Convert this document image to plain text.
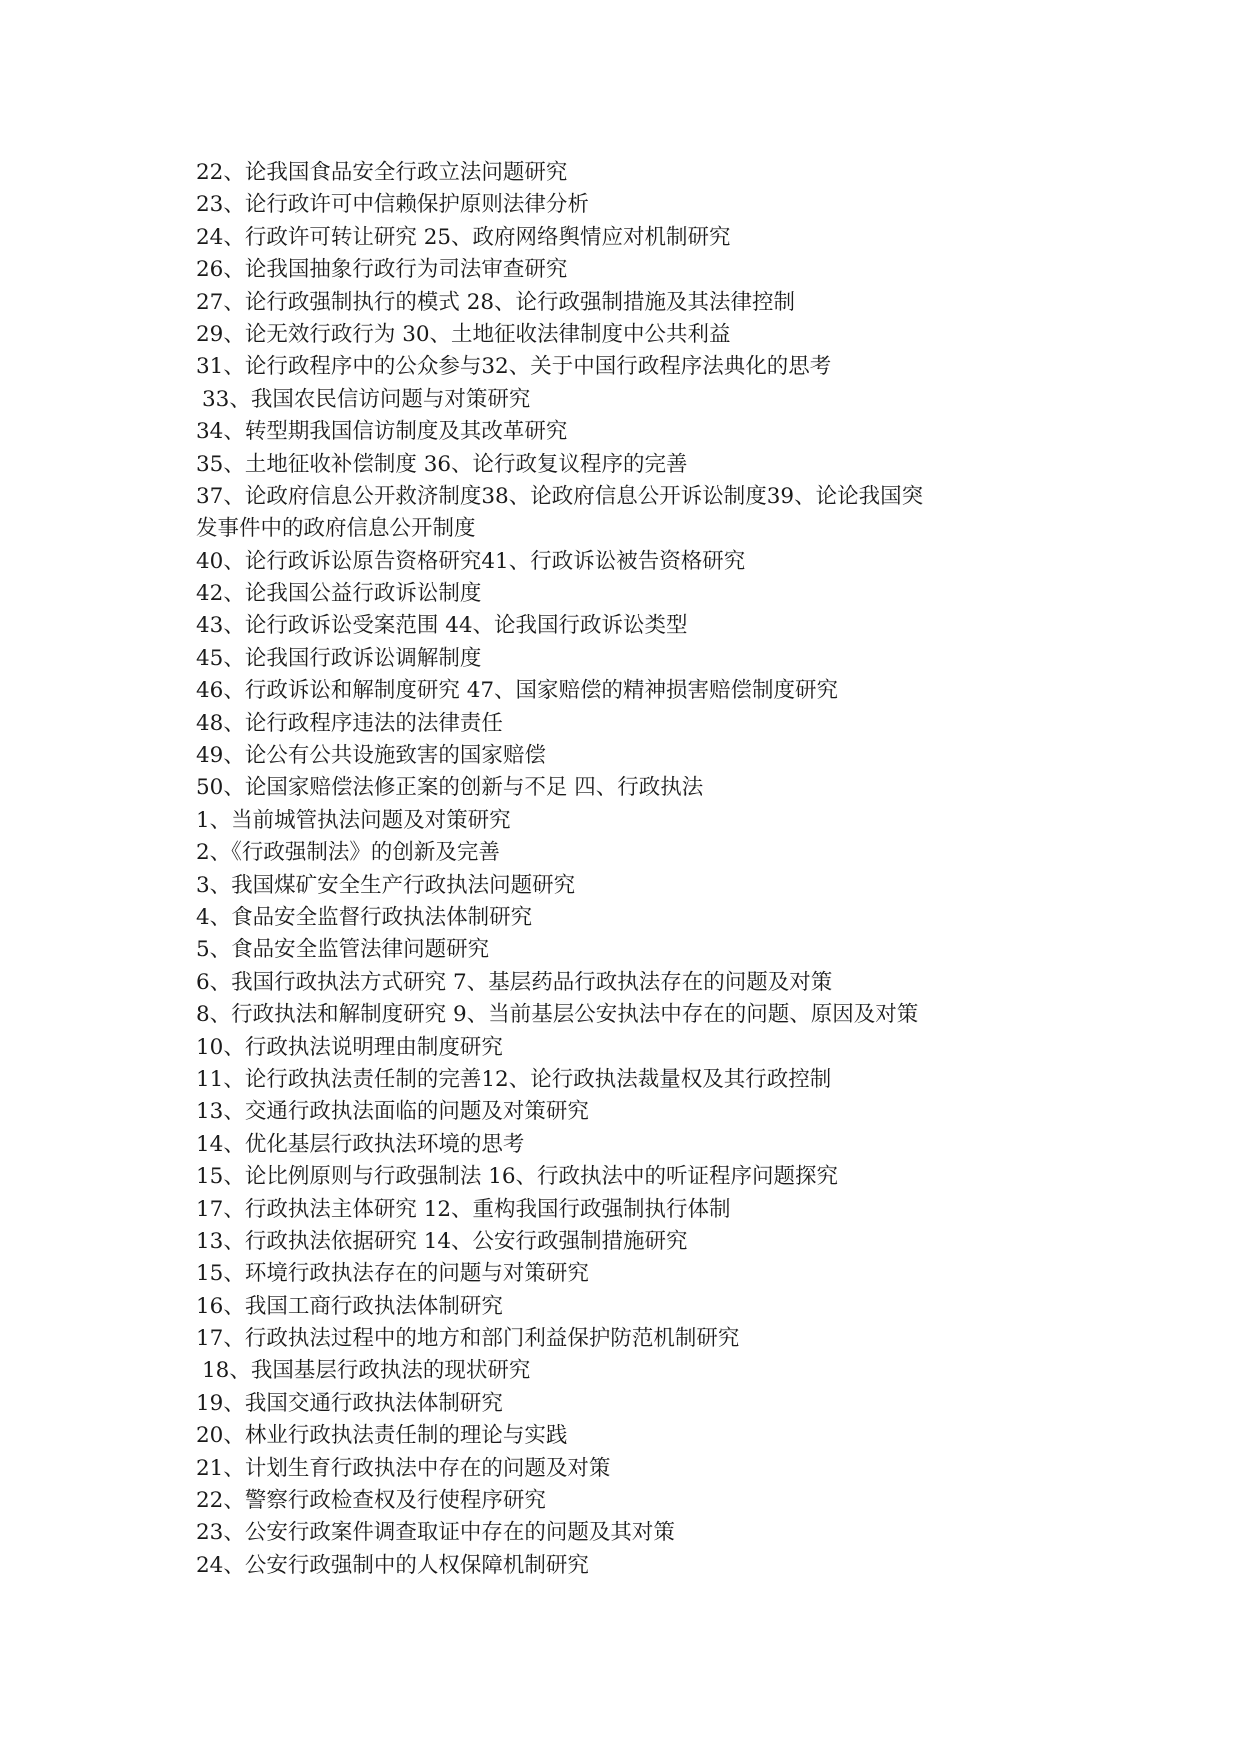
22、论我国食品安全行政立法问题研究
23、论行政许可中信赖保护原则法律分析
24、行政许可转让研究 25、政府网络舆情应对机制研究
26、论我国抽象行政行为司法审查研究
27、论行政强制执行的模式 28、论行政强制措施及其法律控制
29、论无效行政行为 30、土地征收法律制度中公共利益
31、论行政程序中的公众参与32、关于中国行政程序法典化的思考
33、我国农民信访问题与对策研究
34、转型期我国信访制度及其改革研究
35、土地征收补偿制度 36、论行政复议程序的完善
37、论政府信息公开救济制度38、论政府信息公开诉讼制度39、论论我国突
发事件中的政府信息公开制度
40、论行政诉讼原告资格研究41、行政诉讼被告资格研究
42、论我国公益行政诉讼制度
43、论行政诉讼受案范围 44、论我国行政诉讼类型
45、论我国行政诉讼调解制度
46、行政诉讼和解制度研究 47、国家赔偿的精神损害赔偿制度研究
48、论行政程序违法的法律责任
49、论公有公共设施致害的国家赔偿
50、论国家赔偿法修正案的创新与不足 四、行政执法
1、当前城管执法问题及对策研究
2、《行政强制法》的创新及完善
3、我国煤矿安全生产行政执法问题研究
4、食品安全监督行政执法体制研究
5、食品安全监管法律问题研究
6、我国行政执法方式研究 7、基层药品行政执法存在的问题及对策
8、行政执法和解制度研究 9、当前基层公安执法中存在的问题、原因及对策
10、行政执法说明理由制度研究
11、论行政执法责任制的完善12、论行政执法裁量权及其行政控制
13、交通行政执法面临的问题及对策研究
14、优化基层行政执法环境的思考
15、论比例原则与行政强制法 16、行政执法中的听证程序问题探究
17、行政执法主体研究 12、重构我国行政强制执行体制
13、行政执法依据研究 14、公安行政强制措施研究
15、环境行政执法存在的问题与对策研究
16、我国工商行政执法体制研究
17、行政执法过程中的地方和部门利益保护防范机制研究
18、我国基层行政执法的现状研究
19、我国交通行政执法体制研究
20、林业行政执法责任制的理论与实践
21、计划生育行政执法中存在的问题及对策
22、警察行政检查权及行使程序研究
23、公安行政案件调查取证中存在的问题及其对策
24、公安行政强制中的人权保障机制研究
